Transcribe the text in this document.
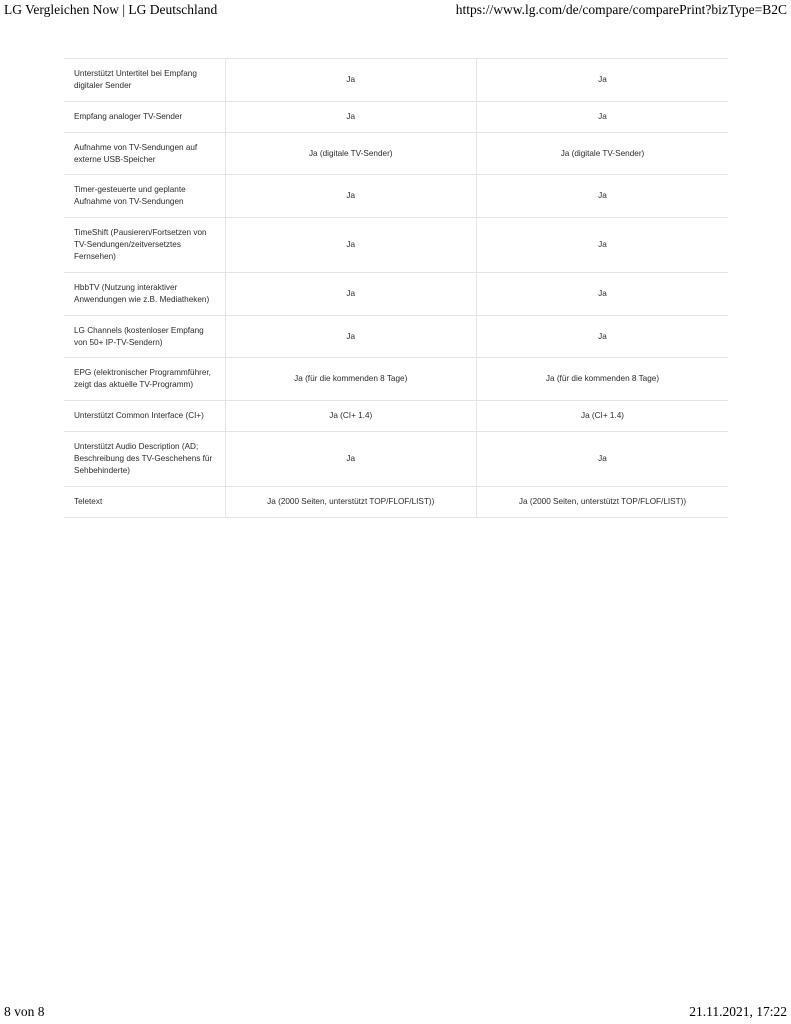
LG Vergleichen Now | LG Deutschland	https://www.lg.com/de/compare/comparePrint?bizType=B2C
Unterstützt Untertitel bei Empfang digitaler Sender	Ja	Ja
Empfang analoger TV-Sender	Ja	Ja
Aufnahme von TV-Sendungen auf externe USB-Speicher	Ja (digitale TV-Sender)	Ja (digitale TV-Sender)
Timer-gesteuerte und geplante Aufnahme von TV-Sendungen	Ja	Ja
TimeShift (Pausieren/Fortsetzen von TV-Sendungen/zeitversetztes Fernsehen)	Ja	Ja
HbbTV (Nutzung interaktiver Anwendungen wie z.B. Mediatheken)	Ja	Ja
LG Channels (kostenloser Empfang von 50+ IP-TV-Sendern)	Ja	Ja
EPG (elektronischer Programmführer, zeigt das aktuelle TV-Programm)	Ja (für die kommenden 8 Tage)	Ja (für die kommenden 8 Tage)
Unterstützt Common Interface (CI+)	Ja (CI+ 1.4)	Ja (CI+ 1.4)
Unterstützt Audio Description (AD; Beschreibung des TV-Geschehens für Sehbehinderte)	Ja	Ja
Teletext	Ja (2000 Seiten, unterstützt TOP/FLOF/LIST))	Ja (2000 Seiten, unterstützt TOP/FLOF/LIST))
8 von 8	21.11.2021, 17:22
